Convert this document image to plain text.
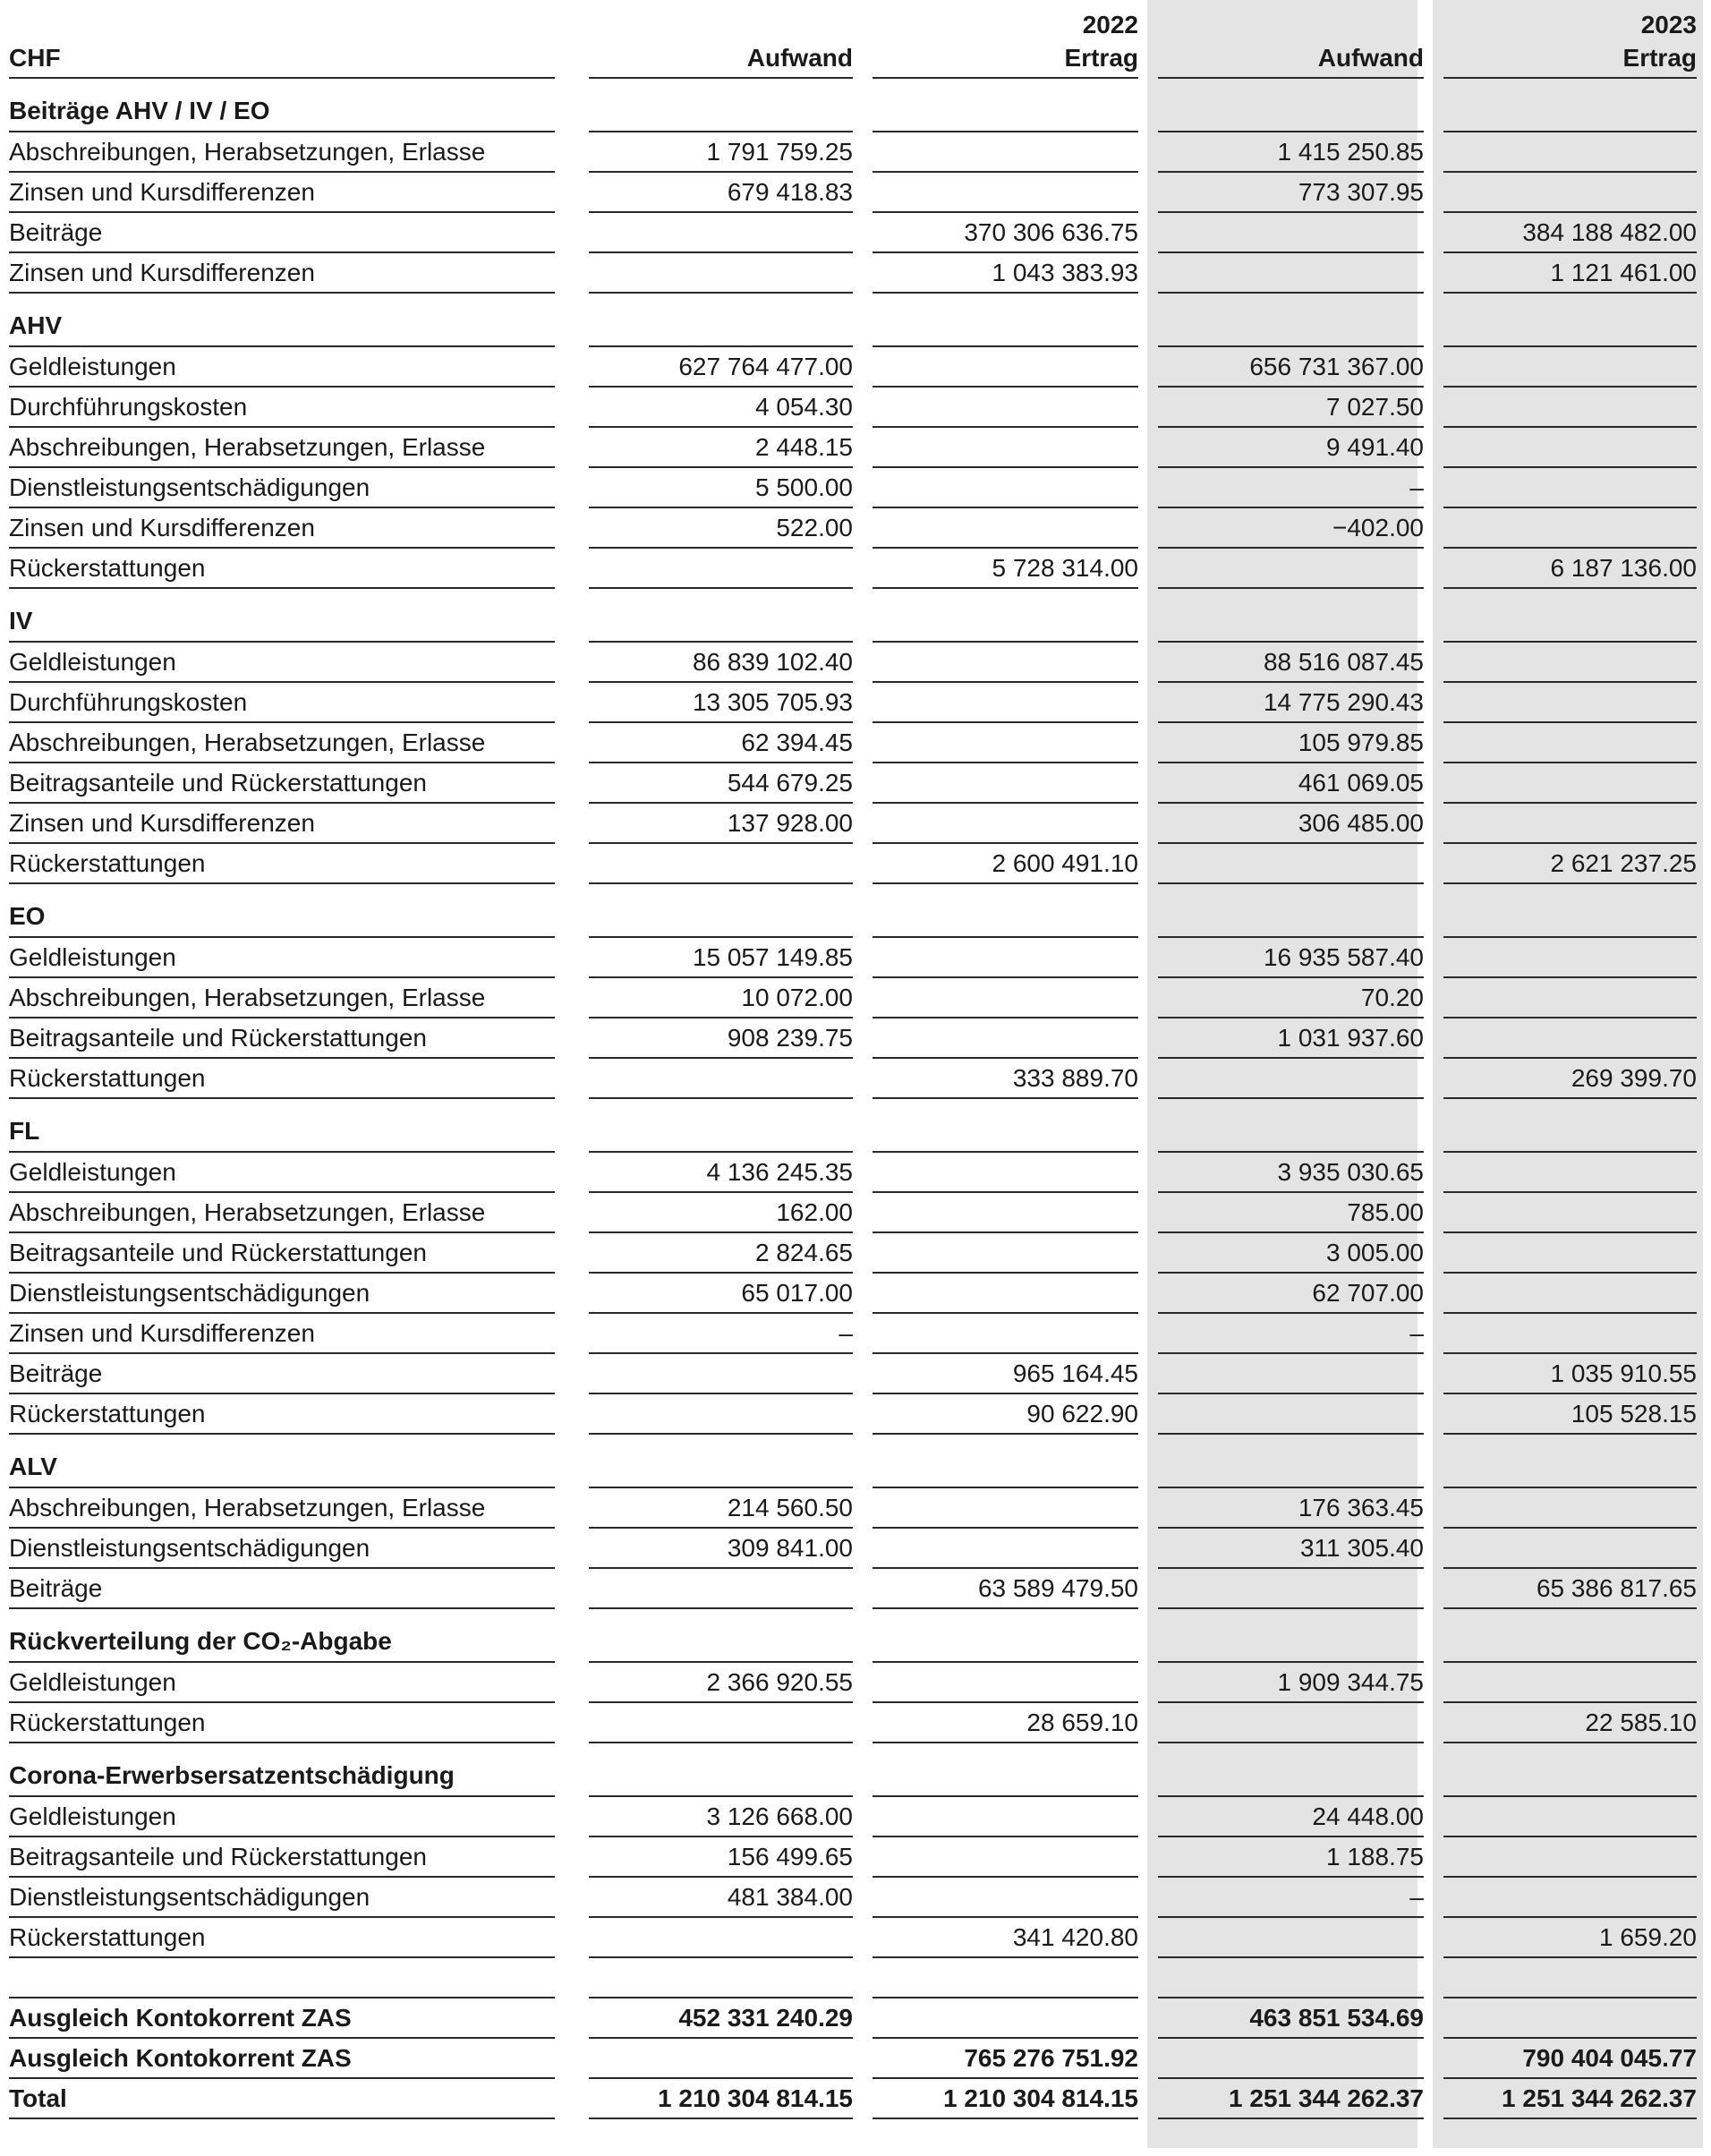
2022		2023

CHF	Aufwand	Ertrag	Aufwand	Ertrag

Beiträge AHV / IV / EO				

Abschreibungen, Herabsetzungen, Erlasse	1 791 759.25		1 415 250.85	

Zinsen und Kursdifferenzen	679 418.83		773 307.95	

Beiträge		370 306 636.75		384 188 482.00

Zinsen und Kursdifferenzen		1 043 383.93		1 121 461.00

AHV				

Geldleistungen	627 764 477.00		656 731 367.00	

Durchführungskosten	4 054.30		7 027.50	

Abschreibungen, Herabsetzungen, Erlasse	2 448.15		9 491.40	

Dienstleistungsentschädigungen	5 500.00		–	

Zinsen und Kursdifferenzen	522.00		−402.00	

Rückerstattungen		5 728 314.00		6 187 136.00

IV				

Geldleistungen	86 839 102.40		88 516 087.45	

Durchführungskosten	13 305 705.93		14 775 290.43	

Abschreibungen, Herabsetzungen, Erlasse	62 394.45		105 979.85	

Beitragsanteile und Rückerstattungen	544 679.25		461 069.05	

Zinsen und Kursdifferenzen	137 928.00		306 485.00	

Rückerstattungen		2 600 491.10		2 621 237.25

EO				

Geldleistungen	15 057 149.85		16 935 587.40	

Abschreibungen, Herabsetzungen, Erlasse	10 072.00		70.20	

Beitragsanteile und Rückerstattungen	908 239.75		1 031 937.60	

Rückerstattungen		333 889.70		269 399.70

FL				

Geldleistungen	4 136 245.35		3 935 030.65	

Abschreibungen, Herabsetzungen, Erlasse	162.00		785.00	

Beitragsanteile und Rückerstattungen	2 824.65		3 005.00	

Dienstleistungsentschädigungen	65 017.00		62 707.00	

Zinsen und Kursdifferenzen	–		–	

Beiträge		965 164.45		1 035 910.55

Rückerstattungen		90 622.90		105 528.15

ALV				

Abschreibungen, Herabsetzungen, Erlasse	214 560.50		176 363.45	

Dienstleistungsentschädigungen	309 841.00		311 305.40	

Beiträge		63 589 479.50		65 386 817.65

Rückverteilung der CO₂-Abgabe				

Geldleistungen	2 366 920.55		1 909 344.75	

Rückerstattungen		28 659.10		22 585.10

Corona-Erwerbsersatzentschädigung				

Geldleistungen	3 126 668.00		24 448.00	

Beitragsanteile und Rückerstattungen	156 499.65		1 188.75	

Dienstleistungsentschädigungen	481 384.00		–	

Rückerstattungen		341 420.80		1 659.20

Ausgleich Kontokorrent ZAS	452 331 240.29		463 851 534.69	

Ausgleich Kontokorrent ZAS		765 276 751.92		790 404 045.77

Total	1 210 304 814.15	1 210 304 814.15	1 251 344 262.37	1 251 344 262.37
